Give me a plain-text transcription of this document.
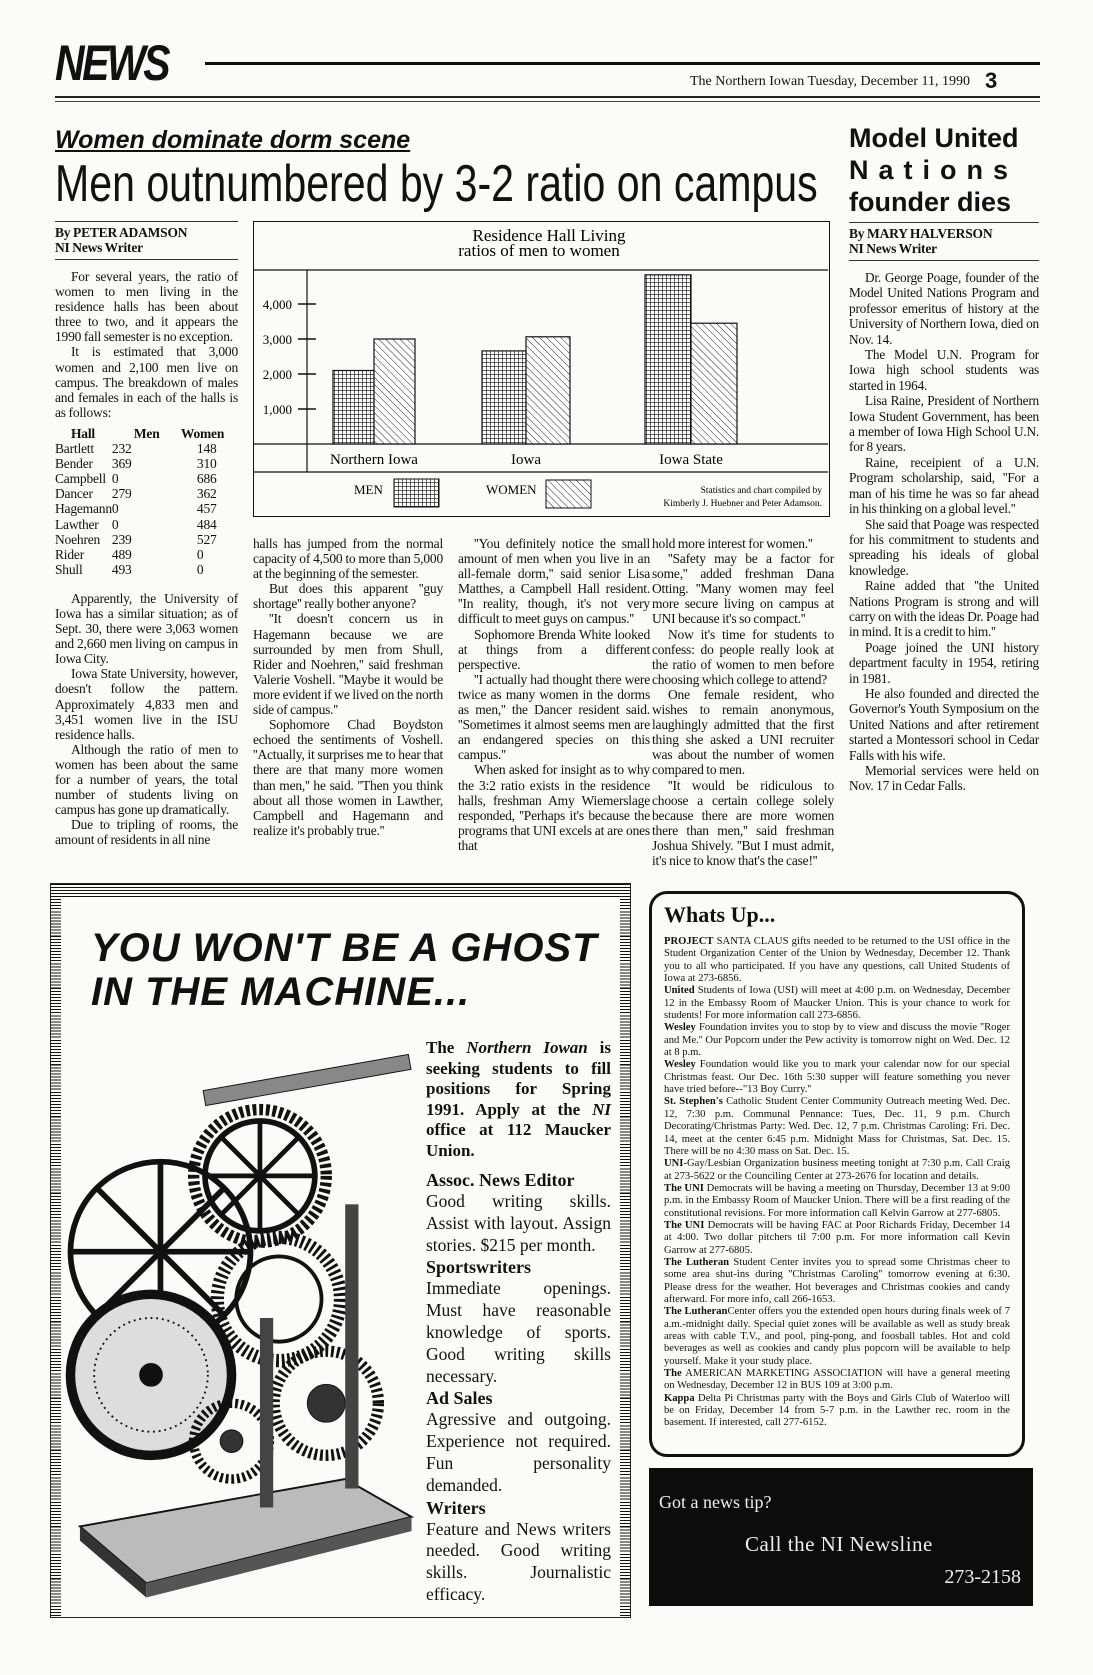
NEWS	The Northern Iowan Tuesday, December 11, 1990 3
Women dominate dorm scene
Men outnumbered by 3-2 ratio on campus
By PETER ADAMSON
NI News Writer

For several years, the ratio of women to men living in the residence halls has been about three to two, and it appears the 1990 fall semester is no exception.

It is estimated that 3,000 women and 2,100 men live on campus. The breakdown of males and females in each of the halls is as follows:

Hall	Men	Women
Bartlett	232	148
Bender	369	310
Campbell	0	686
Dancer	279	362
Hagemann	0	457
Lawther	0	484
Noehren	239	527
Rider	489	0
Shull	493	0

Apparently, the University of Iowa has a similar situation; as of Sept. 30, there were 3,063 women and 2,660 men living on campus in Iowa City.

Iowa State University, however, doesn't follow the pattern. Approximately 4,833 men and 3,451 women live in the ISU residence halls.

Although the ratio of men to women has been about the same for a number of years, the total number of students living on campus has gone up dramatically.

Due to tripling of rooms, the amount of residents in all nine

Residence Hall Living
ratios of men to women
1,000
2,000
3,000
4,000
Northern Iowa	Iowa	Iowa State
MEN	WOMEN	Statistics and chart compiled by
Kimberly J. Huebner and Peter Adamson.

halls has jumped from the normal capacity of 4,500 to more than 5,000 at the beginning of the semester.

But does this apparent ''guy shortage'' really bother anyone?

''It doesn't concern us in Hagemann because we are surrounded by men from Shull, Rider and Noehren,'' said freshman Valerie Voshell. ''Maybe it would be more evident if we lived on the north side of campus.''

Sophomore Chad Boydston echoed the sentiments of Voshell. ''Actually, it surprises me to hear that there are that many more women than men,'' he said. ''Then you think about all those women in Lawther, Campbell and Hagemann and realize it's probably true.''

''You definitely notice the small amount of men when you live in an all-female dorm,'' said senior Lisa Matthes, a Campbell Hall resident. ''In reality, though, it's not very difficult to meet guys on campus.''

Sophomore Brenda White looked at things from a different perspective.

''I actually had thought there were twice as many women in the dorms as men,'' the Dancer resident said. ''Sometimes it almost seems men are an endangered species on this campus.''

When asked for insight as to why the 3:2 ratio exists in the residence halls, freshman Amy Wiemerslage responded, ''Perhaps it's because the programs that UNI excels at are ones that

hold more interest for women.''

''Safety may be a factor for some,'' added freshman Dana Otting. ''Many women may feel more secure living on campus at UNI because it's so compact.''

Now it's time for students to confess: do people really look at the ratio of women to men before choosing which college to attend?

One female resident, who wishes to remain anonymous, laughingly admitted that the first thing she asked a UNI recruiter was about the number of women compared to men.

''It would be ridiculous to choose a certain college solely because there are more women there than men,'' said freshman Joshua Shively. ''But I must admit, it's nice to know that's the case!''

Model United
Nations
founder dies
By MARY HALVERSON
NI News Writer

Dr. George Poage, founder of the Model United Nations Program and professor emeritus of history at the University of Northern Iowa, died on Nov. 14.

The Model U.N. Program for Iowa high school students was started in 1964.

Lisa Raine, President of Northern Iowa Student Government, has been a member of Iowa High School U.N. for 8 years.

Raine, receipient of a U.N. Program scholarship, said, ''For a man of his time he was so far ahead in his thinking on a global level.''

She said that Poage was respected for his commitment to students and spreading his ideals of global knowledge.

Raine added that ''the United Nations Program is strong and will carry on with the ideas Dr. Poage had in mind. It is a credit to him.''

Poage joined the UNI history department faculty in 1954, retiring in 1981.

He also founded and directed the Governor's Youth Symposium on the United Nations and after retirement started a Montessori school in Cedar Falls with his wife.

Memorial services were held on Nov. 17 in Cedar Falls.

YOU WON'T BE A GHOST
IN THE MACHINE...
The Northern Iowan is seeking students to fill positions for Spring 1991. Apply at the NI office at 112 Maucker Union.
Assoc. News Editor
Good writing skills. Assist with layout. Assign stories. $215 per month.
Sportswriters
Immediate openings. Must have reasonable knowledge of sports. Good writing skills necessary.
Ad Sales
Agressive and outgoing. Experience not required. Fun personality demanded.
Writers
Feature and News writers needed. Good writing skills. Journalistic efficacy.
Whats Up...

PROJECT SANTA CLAUS gifts needed to be returned to the USI office in the Student Organization Center of the Union by Wednesday, December 12. Thank you to all who participated. If you have any questions, call United Students of Iowa at 273-6856.

United Students of Iowa (USI) will meet at 4:00 p.m. on Wednesday, December 12 in the Embassy Room of Maucker Union. This is your chance to work for students! For more information call 273-6856.

Wesley Foundation invites you to stop by to view and discuss the movie ''Roger and Me.'' Our Popcorn under the Pew activity is tomorrow night on Wed. Dec. 12 at 8 p.m.

Wesley Foundation would like you to mark your calendar now for our special Christmas feast. Our Dec. 16th 5:30 supper will feature something you never have tried before--"13 Boy Curry.''

St. Stephen's Catholic Student Center Community Outreach meeting Wed. Dec. 12, 7:30 p.m. Communal Pennance: Tues, Dec. 11, 9 p.m. Church Decorating/Christmas Party: Wed. Dec. 12, 7 p.m. Christmas Caroling: Fri. Dec. 14, meet at the center 6:45 p.m. Midnight Mass for Christmas, Sat. Dec. 15. There will be no 4:30 mass on Sat. Dec. 15.

UNI-Gay/Lesbian Organization business meeting tonight at 7:30 p.m. Call Craig at 273-5622 or the Counciling Center at 273-2676 for location and details.

The UNI Democrats will be having a meeting on Thursday, December 13 at 9:00 p.m. in the Embassy Room of Maucker Union. There will be a first reading of the constitutional revisions. For more information call Kelvin Garrow at 277-6805.

The UNI Democrats will be having FAC at Poor Richards Friday, December 14 at 4:00. Two dollar pitchers til 7:00 p.m. For more information call Kevin Garrow at 277-6805.

The Lutheran Student Center invites you to spread some Christmas cheer to some area shut-ins during ''Christmas Caroling'' tomorrow evening at 6:30. Please dress for the weather. Hot beverages and Christmas cookies and candy afterward. For more info, call 266-1653.

The LutheranCenter offers you the extended open hours during finals week of 7 a.m.-midnight daily. Special quiet zones will be available as well as study break areas with cable T.V., and pool, ping-pong, and foosball tables. Hot and cold beverages as well as cookies and candy plus popcorn will be available to help yourself. Make it your study place.

The AMERICAN MARKETING ASSOCIATION will have a general meeting on Wednesday, December 12 in BUS 109 at 3:00 p.m.

Kappa Delta Pi Christmas party with the Boys and Girls Club of Waterloo will be on Friday, December 14 from 5-7 p.m. in the Lawther rec. room in the basement. If interested, call 277-6152.

Got a news tip?
Call the NI Newsline
273-2158
